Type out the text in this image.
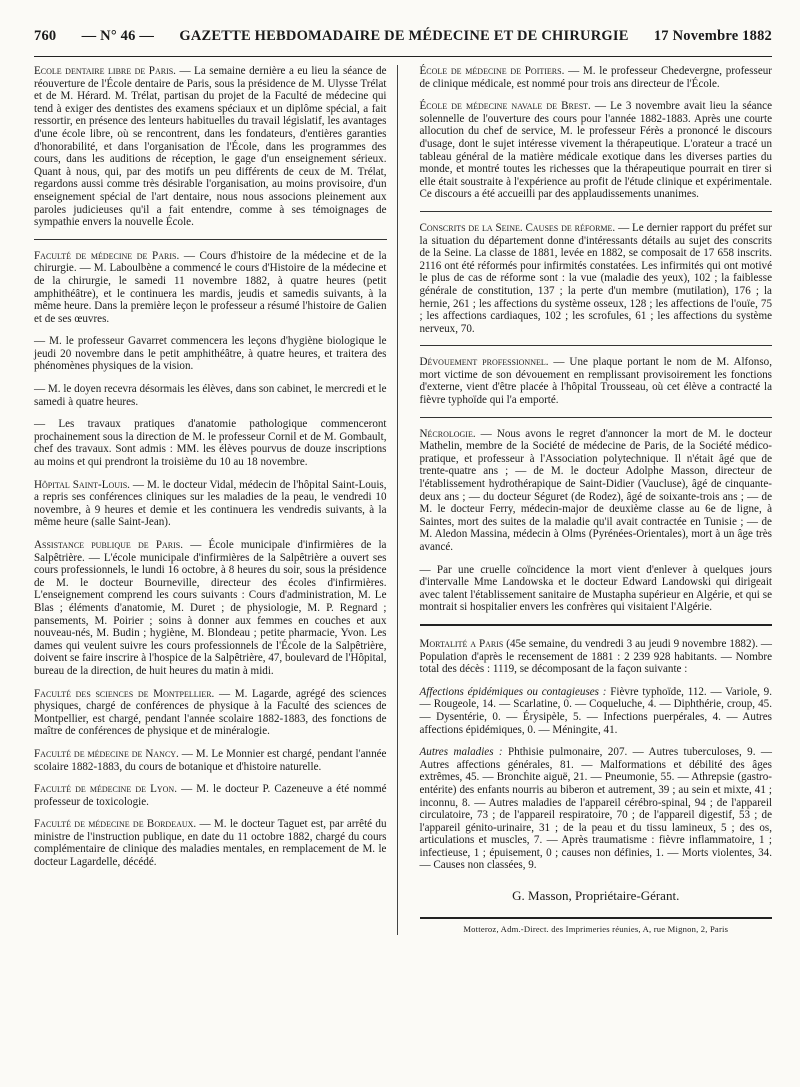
760 — N° 46 — GAZETTE HEBDOMADAIRE DE MÉDECINE ET DE CHIRURGIE 17 Novembre 1882

Ecole dentaire libre de Paris. — La semaine dernière a eu lieu la séance de réouverture de l'École dentaire de Paris, sous la présidence de M. Ulysse Trélat et de M. Hérard. M. Trélat, partisan du projet de la Faculté de médecine qui tend à exiger des dentistes des examens spéciaux et un diplôme spécial, a fait ressortir, en présence des lenteurs habituelles du travail législatif, les avantages d'une école libre, où se rencontrent, dans les fondateurs, d'entières garanties d'honorabilité, et dans l'organisation de l'École, dans les programmes des cours, dans les auditions de réception, le gage d'un enseignement sérieux. Quant à nous, qui, par des motifs un peu différents de ceux de M. Trélat, regardons aussi comme très désirable l'organisation, au moins provisoire, d'un enseignement spécial de l'art dentaire, nous nous associons pleinement aux paroles judicieuses qu'il a fait entendre, comme à ses témoignages de sympathie envers la nouvelle École.

Faculté de médecine de Paris. — Cours d'histoire de la médecine et de la chirurgie. — M. Laboulbène a commencé le cours d'Histoire de la médecine et de la chirurgie, le samedi 11 novembre 1882, à quatre heures (petit amphithéâtre), et le continuera les mardis, jeudis et samedis suivants, à la même heure. Dans la première leçon le professeur a résumé l'histoire de Galien et de ses œuvres.

— M. le professeur Gavarret commencera les leçons d'hygiène biologique le jeudi 20 novembre dans le petit amphithéâtre, à quatre heures, et traitera des phénomènes physiques de la vision.

— M. le doyen recevra désormais les élèves, dans son cabinet, le mercredi et le samedi à quatre heures.

— Les travaux pratiques d'anatomie pathologique commenceront prochainement sous la direction de M. le professeur Cornil et de M. Gombault, chef des travaux. Sont admis : MM. les élèves pourvus de douze inscriptions au moins et qui prendront la troisième du 10 au 18 novembre.

Hôpital Saint-Louis. — M. le docteur Vidal, médecin de l'hôpital Saint-Louis, a repris ses conférences cliniques sur les maladies de la peau, le vendredi 10 novembre, à 9 heures et demie et les continuera les vendredis suivants, à la même heure (salle Saint-Jean).

Assistance publique de Paris. — École municipale d'infirmières de la Salpêtrière. — L'école municipale d'infirmières de la Salpêtrière a ouvert ses cours professionnels, le lundi 16 octobre, à 8 heures du soir, sous la présidence de M. le docteur Bourneville, directeur des écoles d'infirmières. L'enseignement comprend les cours suivants : Cours d'administration, M. Le Blas ; éléments d'anatomie, M. Duret ; de physiologie, M. P. Regnard ; pansements, M. Poirier ; soins à donner aux femmes en couches et aux nouveau-nés, M. Budin ; hygiène, M. Blondeau ; petite pharmacie, Yvon. Les dames qui veulent suivre les cours professionnels de l'École de la Salpêtrière, doivent se faire inscrire à l'hospice de la Salpêtrière, 47, boulevard de l'Hôpital, bureau de la direction, de huit heures du matin à midi.

Faculté des sciences de Montpellier. — M. Lagarde, agrégé des sciences physiques, chargé de conférences de physique à la Faculté des sciences de Montpellier, est chargé, pendant l'année scolaire 1882-1883, des fonctions de maître de conférences de physique et de minéralogie.

Faculté de médecine de Nancy. — M. Le Monnier est chargé, pendant l'année scolaire 1882-1883, du cours de botanique et d'histoire naturelle.

Faculté de médecine de Lyon. — M. le docteur P. Cazeneuve a été nommé professeur de toxicologie.

Faculté de médecine de Bordeaux. — M. le docteur Taguet est, par arrêté du ministre de l'instruction publique, en date du 11 octobre 1882, chargé du cours complémentaire de clinique des maladies mentales, en remplacement de M. le docteur Lagardelle, décédé.

École de médecine de Poitiers. — M. le professeur Chedevergne, professeur de clinique médicale, est nommé pour trois ans directeur de l'École.

École de médecine navale de Brest. — Le 3 novembre avait lieu la séance solennelle de l'ouverture des cours pour l'année 1882-1883. Après une courte allocution du chef de service, M. le professeur Férès a prononcé le discours d'usage, dont le sujet intéresse vivement la thérapeutique. L'orateur a tracé un tableau général de la matière médicale exotique dans les diverses parties du monde, et montré toutes les richesses que la thérapeutique pourrait en tirer si elle était soustraite à l'expérience au profit de l'étude clinique et expérimentale. Ce discours a été accueilli par des applaudissements unanimes.

Conscrits de la Seine. Causes de réforme. — Le dernier rapport du préfet sur la situation du département donne d'intéressants détails au sujet des conscrits de la Seine. La classe de 1881, levée en 1882, se composait de 17 658 inscrits. 2116 ont été réformés pour infirmités constatées. Les infirmités qui ont motivé le plus de cas de réforme sont : la vue (maladie des yeux), 102 ; la faiblesse générale de constitution, 137 ; la perte d'un membre (mutilation), 176 ; la hernie, 261 ; les affections du système osseux, 128 ; les affections de l'ouïe, 75 ; les affections cardiaques, 102 ; les scrofules, 61 ; les affections du système nerveux, 70.

Dévouement professionnel. — Une plaque portant le nom de M. Alfonso, mort victime de son dévouement en remplissant provisoirement les fonctions d'externe, vient d'être placée à l'hôpital Trousseau, où cet élève a contracté la fièvre typhoïde qui l'a emporté.

Nécrologie. — Nous avons le regret d'annoncer la mort de M. le docteur Mathelin, membre de la Société de médecine de Paris, de la Société médico-pratique, et professeur à l'Association polytechnique. Il n'était âgé que de trente-quatre ans ; — de M. le docteur Adolphe Masson, directeur de l'établissement hydrothérapique de Saint-Didier (Vaucluse), âgé de cinquante-deux ans ; — du docteur Séguret (de Rodez), âgé de soixante-trois ans ; — de M. le docteur Ferry, médecin-major de deuxième classe au 6e de ligne, à Saintes, mort des suites de la maladie qu'il avait contractée en Tunisie ; — de M. Aledon Massina, médecin à Olms (Pyrénées-Orientales), mort à un âge très avancé.

— Par une cruelle coïncidence la mort vient d'enlever à quelques jours d'intervalle Mme Landowska et le docteur Edward Landowski qui dirigeait avec talent l'établissement sanitaire de Mustapha supérieur en Algérie, et qui se montrait si hospitalier envers les confrères qui visitaient l'Algérie.

Mortalité a Paris (45e semaine, du vendredi 3 au jeudi 9 novembre 1882). — Population d'après le recensement de 1881 : 2 239 928 habitants. — Nombre total des décès : 1119, se décomposant de la façon suivante :

Affections épidémiques ou contagieuses : Fièvre typhoïde, 112. — Variole, 9. — Rougeole, 14. — Scarlatine, 0. — Coqueluche, 4. — Diphthérie, croup, 45. — Dysentérie, 0. — Érysipèle, 5. — Infections puerpérales, 4. — Autres affections épidémiques, 0. — Méningite, 41.

Autres maladies : Phthisie pulmonaire, 207. — Autres tuberculoses, 9. — Autres affections générales, 81. — Malformations et débilité des âges extrêmes, 45. — Bronchite aiguë, 21. — Pneumonie, 55. — Athrepsie (gastro-entérite) des enfants nourris au biberon et autrement, 39 ; au sein et mixte, 41 ; inconnu, 8. — Autres maladies de l'appareil cérébro-spinal, 94 ; de l'appareil circulatoire, 73 ; de l'appareil respiratoire, 70 ; de l'appareil digestif, 53 ; de l'appareil génito-urinaire, 31 ; de la peau et du tissu lamineux, 5 ; des os, articulations et muscles, 7. — Après traumatisme : fièvre inflammatoire, 1 ; infectieuse, 1 ; épuisement, 0 ; causes non définies, 1. — Morts violentes, 34. — Causes non classées, 9.

G. Masson, Propriétaire-Gérant.
Motteroz, Adm.-Direct. des Imprimeries réunies, A, rue Mignon, 2, Paris
